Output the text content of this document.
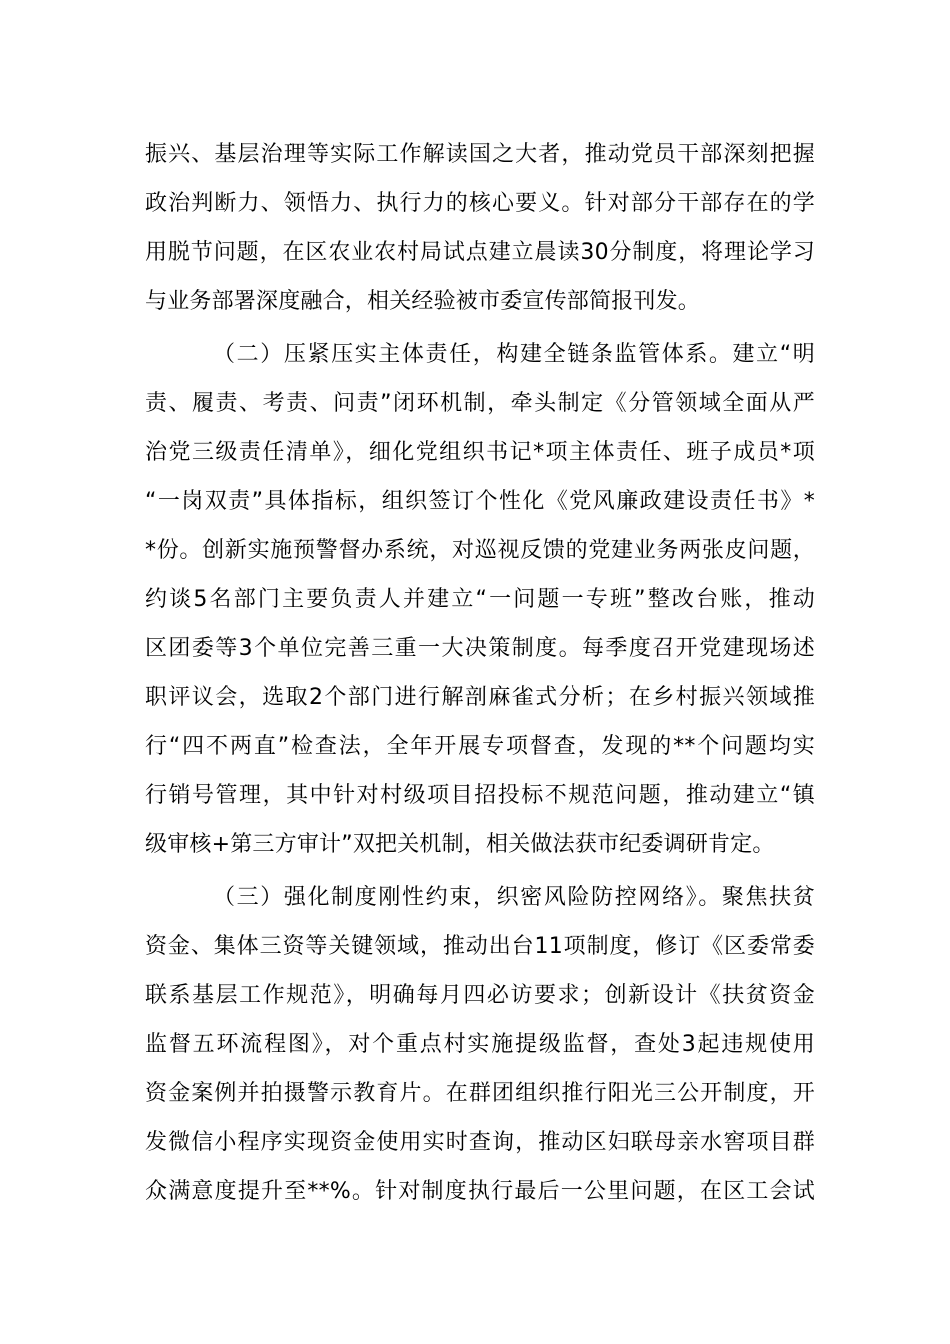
振兴、基层治理等实际工作解读国之大者，推动党员干部深刻把握
政治判断力、领悟力、执行力的核心要义。针对部分干部存在的学
用脱节问题，在区农业农村局试点建立晨读30分制度，将理论学习
与业务部署深度融合，相关经验被市委宣传部简报刊发。
（二）压紧压实主体责任，构建全链条监管体系。建立“明
责、履责、考责、问责”闭环机制，牵头制定《分管领域全面从严
治党三级责任清单》，细化党组织书记*项主体责任、班子成员*项
“一岗双责”具体指标，组织签订个性化《党风廉政建设责任书》*
*份。创新实施预警督办系统，对巡视反馈的党建业务两张皮问题，
约谈5名部门主要负责人并建立“一问题一专班”整改台账，推动
区团委等3个单位完善三重一大决策制度。每季度召开党建现场述
职评议会，选取2个部门进行解剖麻雀式分析；在乡村振兴领域推
行“四不两直”检查法，全年开展专项督查，发现的**个问题均实
行销号管理，其中针对村级项目招投标不规范问题，推动建立“镇
级审核+第三方审计”双把关机制，相关做法获市纪委调研肯定。
（三）强化制度刚性约束，织密风险防控网络》。聚焦扶贫
资金、集体三资等关键领域，推动出台11项制度，修订《区委常委
联系基层工作规范》，明确每月四必访要求；创新设计《扶贫资金
监督五环流程图》，对个重点村实施提级监督，查处3起违规使用
资金案例并拍摄警示教育片。在群团组织推行阳光三公开制度，开
发微信小程序实现资金使用实时查询，推动区妇联母亲水窖项目群
众满意度提升至**%。针对制度执行最后一公里问题，在区工会试
